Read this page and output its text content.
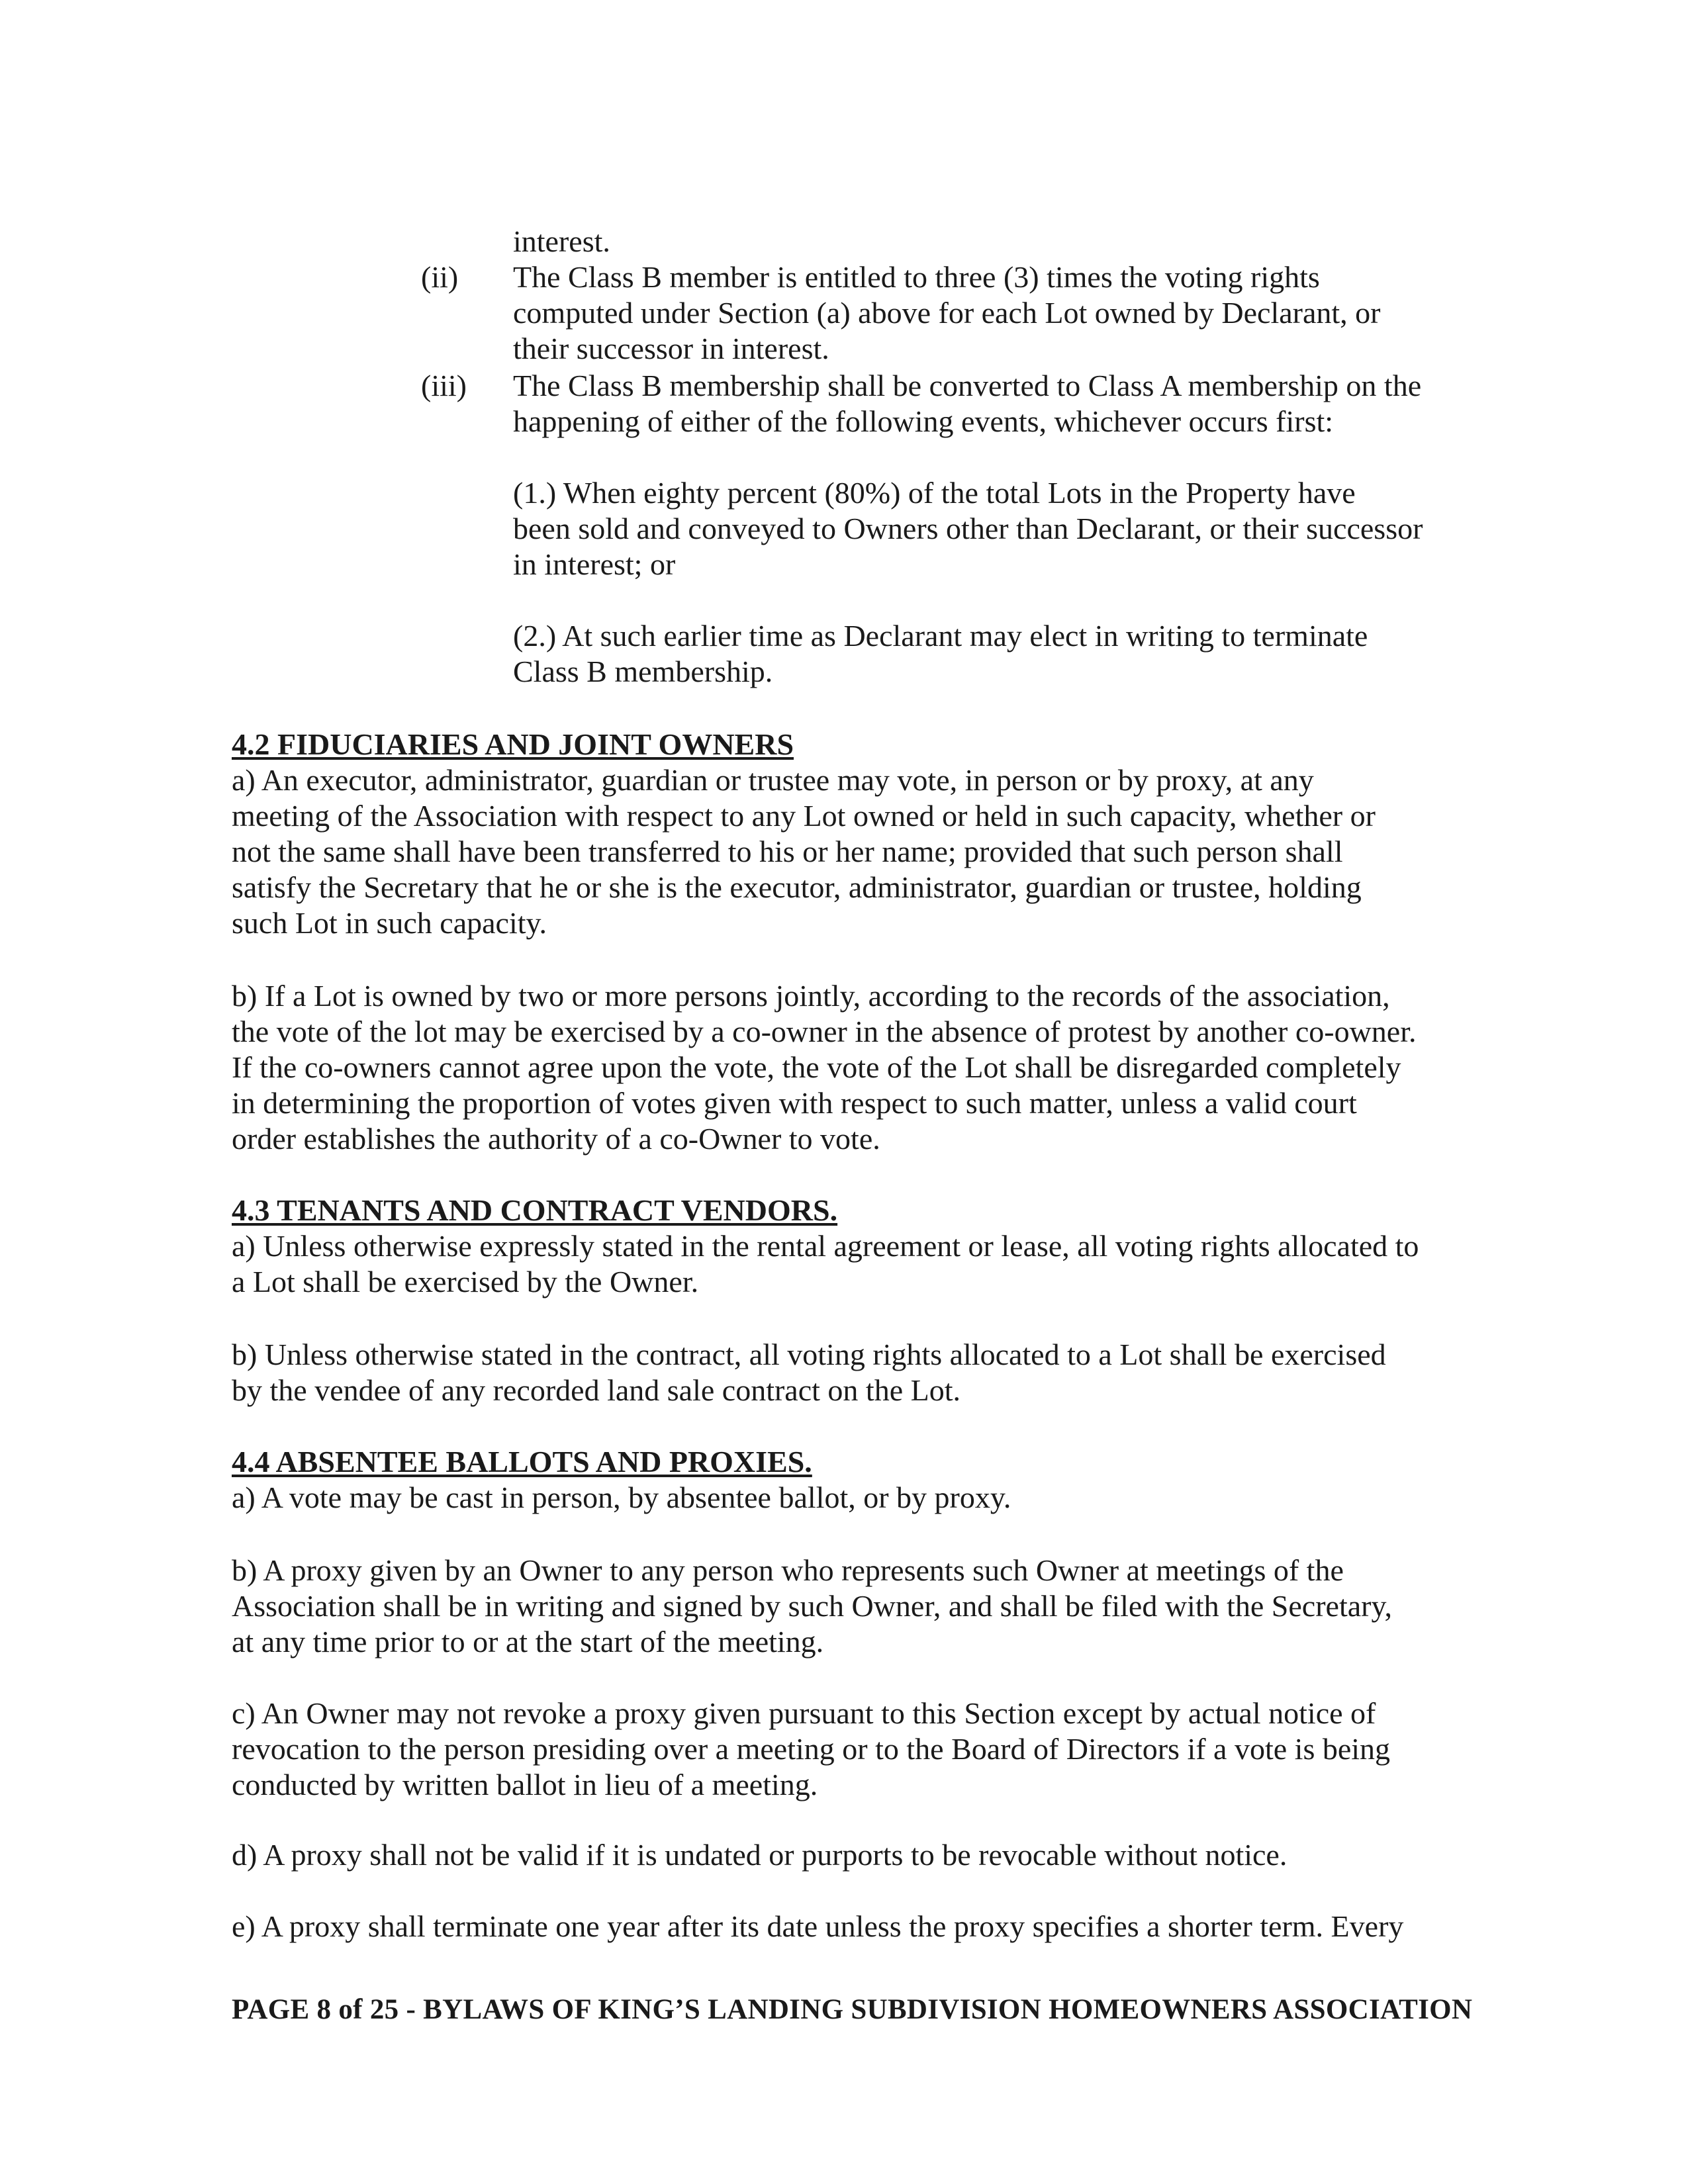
interest.
(ii) The Class B member is entitled to three (3) times the voting rights
computed under Section (a) above for each Lot owned by Declarant, or
their successor in interest.
(iii) The Class B membership shall be converted to Class A membership on the
happening of either of the following events, whichever occurs first:
(1.) When eighty percent (80%) of the total Lots in the Property have
been sold and conveyed to Owners other than Declarant, or their successor
in interest; or
(2.) At such earlier time as Declarant may elect in writing to terminate
Class B membership.
4.2 FIDUCIARIES AND JOINT OWNERS
a) An executor, administrator, guardian or trustee may vote, in person or by proxy, at any
meeting of the Association with respect to any Lot owned or held in such capacity, whether or
not the same shall have been transferred to his or her name; provided that such person shall
satisfy the Secretary that he or she is the executor, administrator, guardian or trustee, holding
such Lot in such capacity.
b) If a Lot is owned by two or more persons jointly, according to the records of the association,
the vote of the lot may be exercised by a co-owner in the absence of protest by another co-owner.
If the co-owners cannot agree upon the vote, the vote of the Lot shall be disregarded completely
in determining the proportion of votes given with respect to such matter, unless a valid court
order establishes the authority of a co-Owner to vote.
4.3 TENANTS AND CONTRACT VENDORS.
a) Unless otherwise expressly stated in the rental agreement or lease, all voting rights allocated to
a Lot shall be exercised by the Owner.
b) Unless otherwise stated in the contract, all voting rights allocated to a Lot shall be exercised
by the vendee of any recorded land sale contract on the Lot.
4.4 ABSENTEE BALLOTS AND PROXIES.
a) A vote may be cast in person, by absentee ballot, or by proxy.
b) A proxy given by an Owner to any person who represents such Owner at meetings of the
Association shall be in writing and signed by such Owner, and shall be filed with the Secretary,
at any time prior to or at the start of the meeting.
c) An Owner may not revoke a proxy given pursuant to this Section except by actual notice of
revocation to the person presiding over a meeting or to the Board of Directors if a vote is being
conducted by written ballot in lieu of a meeting.
d) A proxy shall not be valid if it is undated or purports to be revocable without notice.
e) A proxy shall terminate one year after its date unless the proxy specifies a shorter term. Every
PAGE 8 of 25 - BYLAWS OF KING’S LANDING SUBDIVISION HOMEOWNERS ASSOCIATION
